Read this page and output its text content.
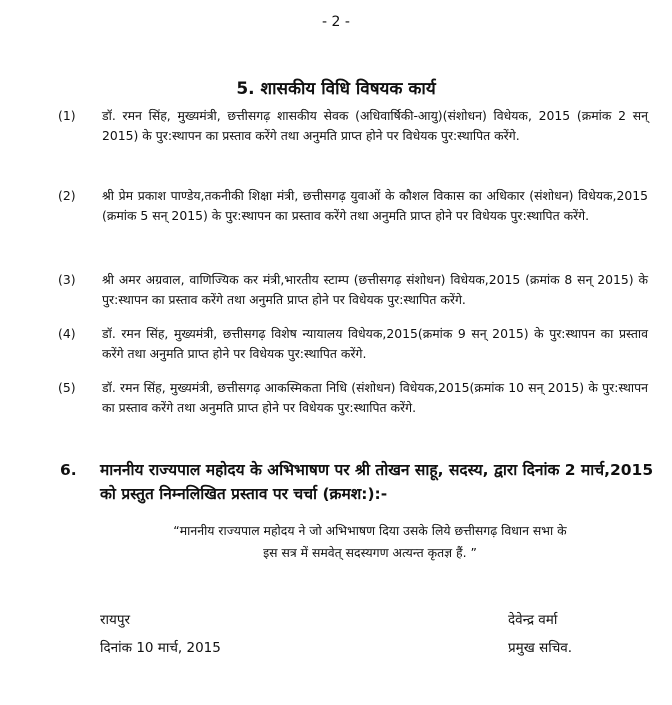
- 2 -
5. शासकीय विधि विषयक कार्य
(1)	डॉ. रमन सिंह, मुख्यमंत्री, छत्तीसगढ़ शासकीय सेवक (अधिवार्षिकी-आयु)(संशोधन) विधेयक, 2015 (क्रमांक 2 सन् 2015) के पुर:स्थापन का प्रस्ताव करेंगे तथा अनुमति प्राप्त होने पर विधेयक पुर:स्थापित करेंगे.
(2)	श्री प्रेम प्रकाश पाण्डेय,तकनीकी शिक्षा मंत्री, छत्तीसगढ़ युवाओं के कौशल विकास का अधिकार (संशोधन) विधेयक,2015 (क्रमांक 5 सन् 2015) के पुर:स्थापन का प्रस्ताव करेंगे तथा अनुमति प्राप्त होने पर विधेयक पुर:स्थापित करेंगे.
(3)	श्री अमर अग्रवाल, वाणिज्यिक कर मंत्री,भारतीय स्टाम्प (छत्तीसगढ़ संशोधन) विधेयक,2015 (क्रमांक 8 सन् 2015) के पुर:स्थापन का प्रस्ताव करेंगे तथा अनुमति प्राप्त होने पर विधेयक पुर:स्थापित करेंगे.
(4)	डॉ. रमन सिंह, मुख्यमंत्री, छत्तीसगढ़ विशेष न्यायालय विधेयक,2015(क्रमांक 9 सन् 2015) के पुर:स्थापन का प्रस्ताव करेंगे तथा अनुमति प्राप्त होने पर विधेयक पुर:स्थापित करेंगे.
(5)	डॉ. रमन सिंह, मुख्यमंत्री, छत्तीसगढ़ आकस्मिकता निधि (संशोधन) विधेयक,2015(क्रमांक 10 सन् 2015) के पुर:स्थापन का प्रस्ताव करेंगे तथा अनुमति प्राप्त होने पर विधेयक पुर:स्थापित करेंगे.
6. माननीय राज्यपाल महोदय के अभिभाषण पर श्री तोखन साहू, सदस्य, द्वारा दिनांक 2 मार्च,2015 को प्रस्तुत निम्नलिखित प्रस्ताव पर चर्चा (क्रमश:):-
“माननीय राज्यपाल महोदय ने जो अभिभाषण दिया उसके लिये छत्तीसगढ़ विधान सभा के
इस सत्र में समवेत् सदस्यगण अत्यन्त कृतज्ञ हैं. ”
रायपुर
दिनांक 10 मार्च, 2015
देवेन्द्र वर्मा
प्रमुख सचिव.
